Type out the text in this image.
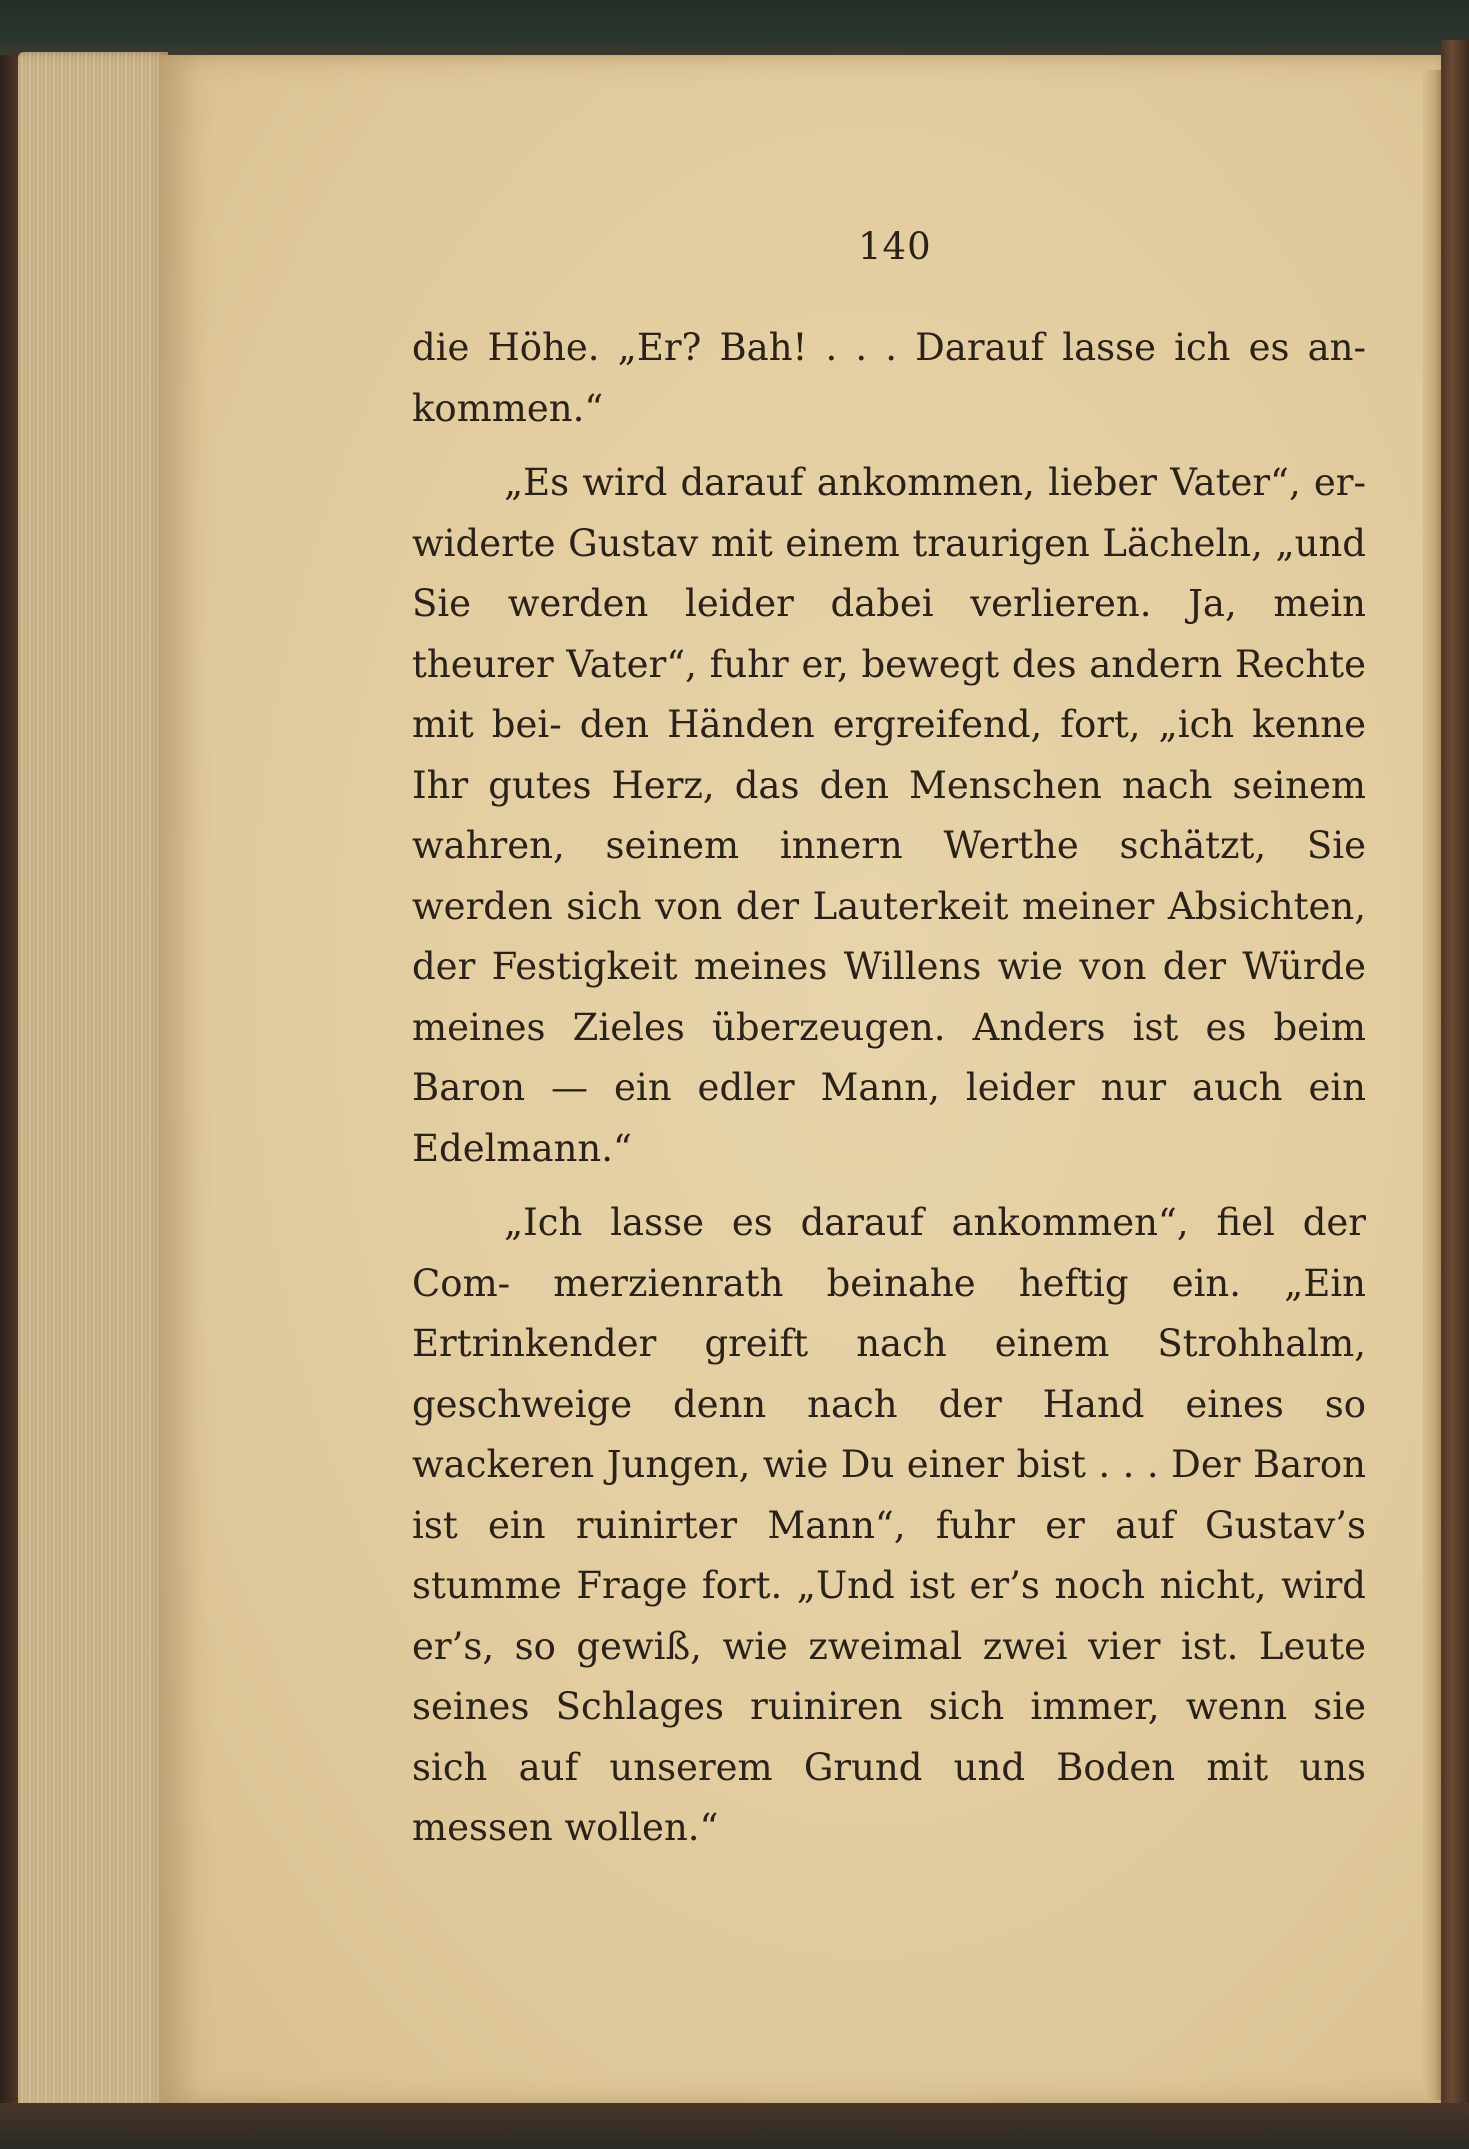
140

die Höhe. „Er? Bah! . . . Darauf lasse ich es an- kommen.“

„Es wird darauf ankommen, lieber Vater“, er- widerte Gustav mit einem traurigen Lächeln, „und Sie werden leider dabei verlieren. Ja, mein theurer Vater“, fuhr er, bewegt des andern Rechte mit bei- den Händen ergreifend, fort, „ich kenne Ihr gutes Herz, das den Menschen nach seinem wahren, seinem innern Werthe schätzt, Sie werden sich von der Lauterkeit meiner Absichten, der Festigkeit meines Willens wie von der Würde meines Zieles überzeugen. Anders ist es beim Baron — ein edler Mann, leider nur auch ein Edelmann.“

„Ich lasse es darauf ankommen“, fiel der Com- merzienrath beinahe heftig ein. „Ein Ertrinkender greift nach einem Strohhalm, geschweige denn nach der Hand eines so wackeren Jungen, wie Du einer bist . . . Der Baron ist ein ruinirter Mann“, fuhr er auf Gustav’s stumme Frage fort. „Und ist er’s noch nicht, wird er’s, so gewiß, wie zweimal zwei vier ist. Leute seines Schlages ruiniren sich immer, wenn sie sich auf unserem Grund und Boden mit uns messen wollen.“
